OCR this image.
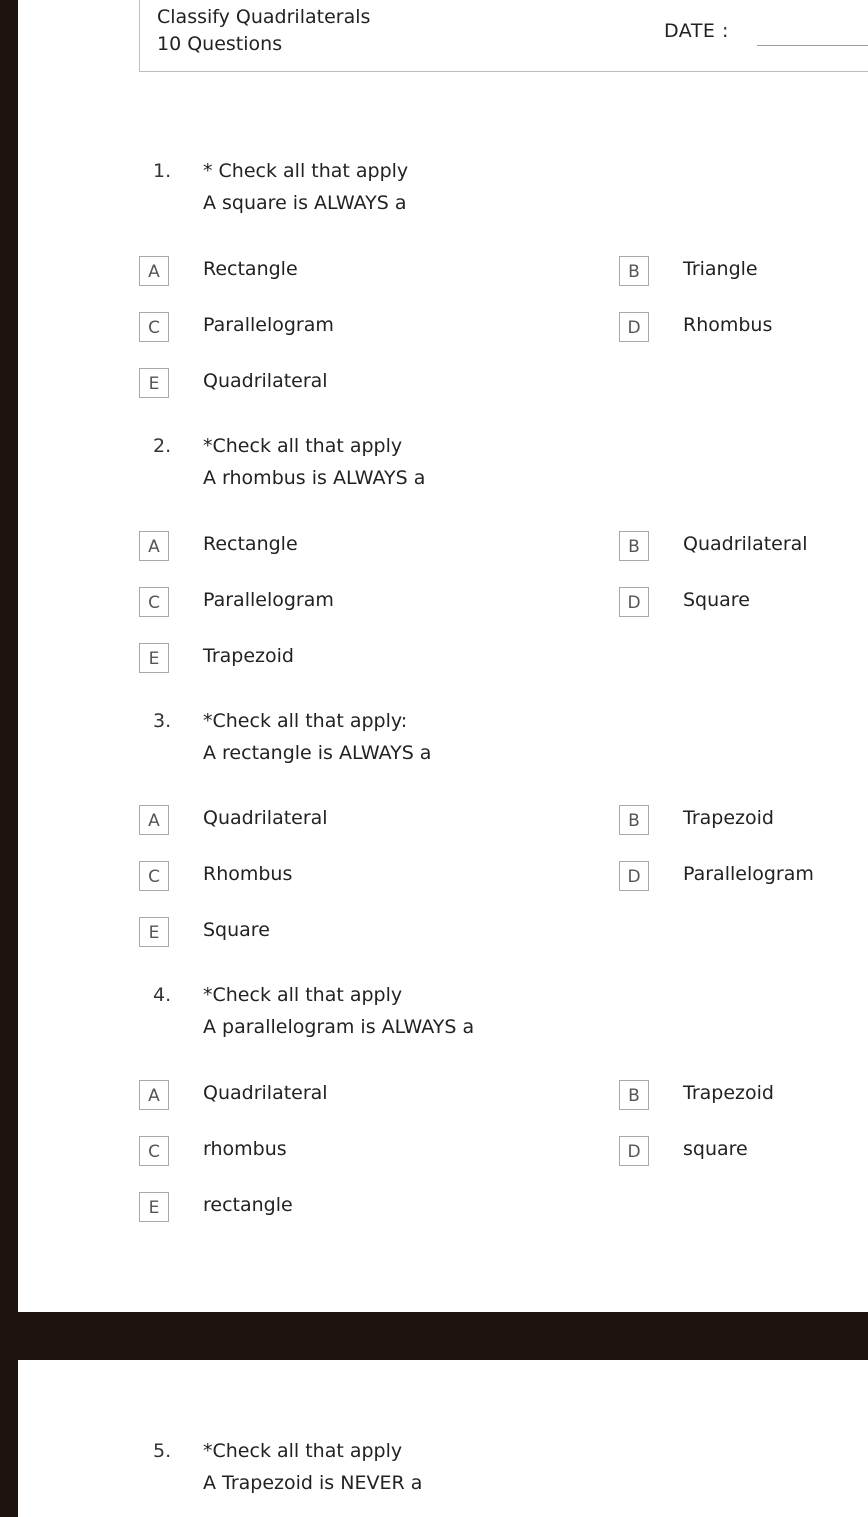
Classify Quadrilaterals
10 Questions
DATE :
1. * Check all that apply
A square is ALWAYS a
A	Rectangle	B	Triangle
C	Parallelogram	D	Rhombus
E	Quadrilateral
2. *Check all that apply
A rhombus is ALWAYS a
A	Rectangle	B	Quadrilateral
C	Parallelogram	D	Square
E	Trapezoid
3. *Check all that apply:
A rectangle is ALWAYS a
A	Quadrilateral	B	Trapezoid
C	Rhombus	D	Parallelogram
E	Square
4. *Check all that apply
A parallelogram is ALWAYS a
A	Quadrilateral	B	Trapezoid
C	rhombus	D	square
E	rectangle
5. *Check all that apply
A Trapezoid is NEVER a
